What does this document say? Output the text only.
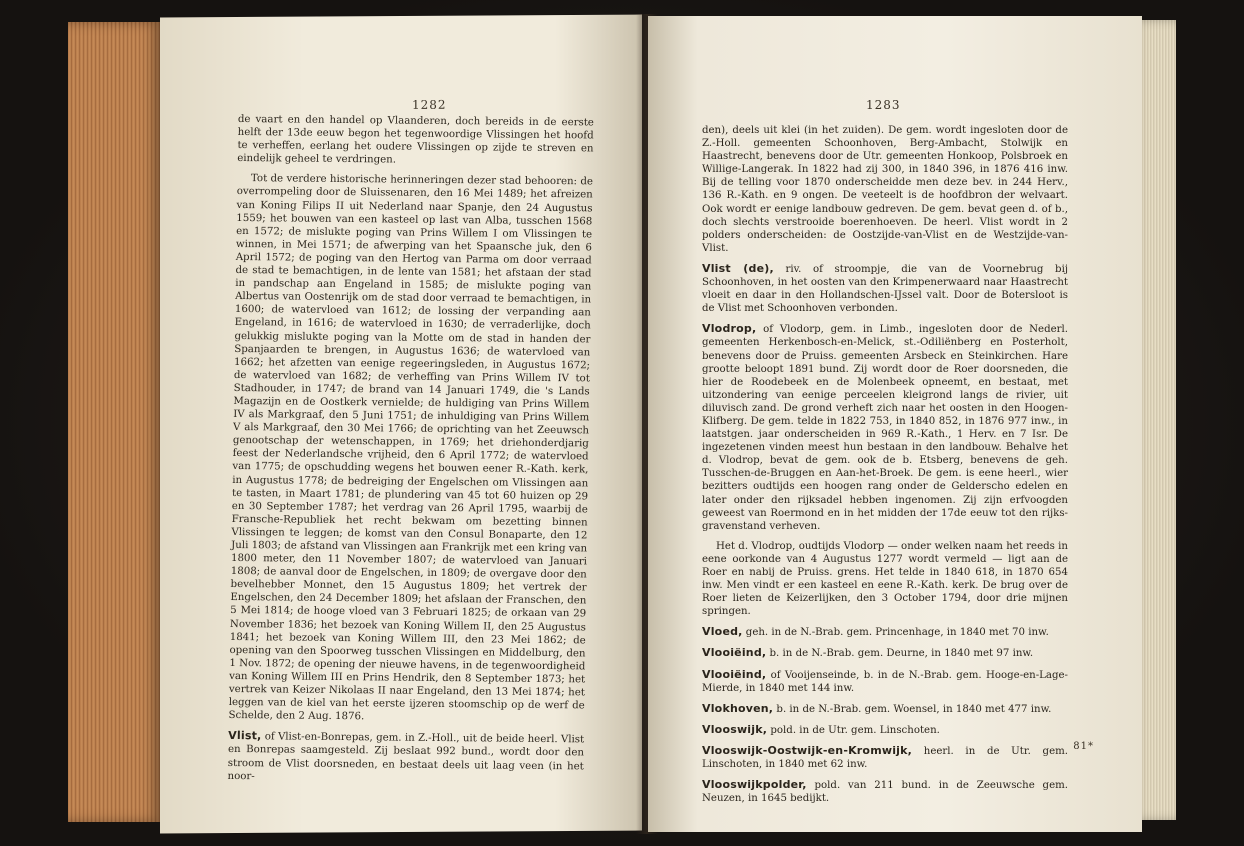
1282

de vaart en den handel op Vlaanderen, doch bereids in de eerste helft der 13de eeuw begon het tegenwoordige Vlissingen het hoofd te verheffen, eerlang het oudere Vlissingen op zijde te streven en eindelijk geheel te verdringen.

Tot de verdere historische herinneringen dezer stad behooren: de overrompeling door de Sluissenaren, den 16 Mei 1489; het afreizen van Koning Filips II uit Nederland naar Spanje, den 24 Augustus 1559; het bouwen van een kasteel op last van Alba, tusschen 1568 en 1572; de mislukte poging van Prins Willem I om Vlissingen te winnen, in Mei 1571; de afwerping van het Spaansche juk, den 6 April 1572; de poging van den Hertog van Parma om door verraad de stad te bemachtigen, in de lente van 1581; het afstaan der stad in pandschap aan Engeland in 1585; de mislukte poging van Albertus van Oostenrijk om de stad door verraad te bemachtigen, in 1600; de watervloed van 1612; de lossing der verpanding aan Engeland, in 1616; de watervloed in 1630; de verraderlijke, doch gelukkig mislukte poging van la Motte om de stad in handen der Spanjaarden te brengen, in Augustus 1636; de watervloed van 1662; het afzetten van eenige regeeringsleden, in Augustus 1672; de watervloed van 1682; de verheffing van Prins Willem IV tot Stadhouder, in 1747; de brand van 14 Januari 1749, die 's Lands Magazijn en de Oostkerk vernielde; de huldiging van Prins Willem IV als Markgraaf, den 5 Juni 1751; de inhuldiging van Prins Willem V als Markgraaf, den 30 Mei 1766; de oprichting van het Zeeuwsch genootschap der wetenschappen, in 1769; het driehonderdjarig feest der Nederlandsche vrijheid, den 6 April 1772; de watervloed van 1775; de opschudding wegens het bouwen eener R.-Kath. kerk, in Augustus 1778; de bedreiging der Engelschen om Vlissingen aan te tasten, in Maart 1781; de plundering van 45 tot 60 huizen op 29 en 30 September 1787; het verdrag van 26 April 1795, waarbij de Fransche-Republiek het recht bekwam om bezetting binnen Vlissingen te leggen; de komst van den Consul Bonaparte, den 12 Juli 1803; de afstand van Vlissingen aan Frankrijk met een kring van 1800 meter, den 11 November 1807; de watervloed van Januari 1808; de aanval door de Engelschen, in 1809; de overgave door den bevelhebber Monnet, den 15 Augustus 1809; het vertrek der Engelschen, den 24 December 1809; het afslaan der Franschen, den 5 Mei 1814; de hooge vloed van 3 Februari 1825; de orkaan van 29 November 1836; het bezoek van Koning Willem II, den 25 Augustus 1841; het bezoek van Koning Willem III, den 23 Mei 1862; de opening van den Spoorweg tusschen Vlissingen en Middelburg, den 1 Nov. 1872; de opening der nieuwe havens, in de tegenwoordigheid van Koning Willem III en Prins Hendrik, den 8 September 1873; het vertrek van Keizer Nikolaas II naar Engeland, den 13 Mei 1874; het leggen van de kiel van het eerste ijzeren stoomschip op de werf de Schelde, den 2 Aug. 1876.

Vlist, of Vlist-en-Bonrepas, gem. in Z.-Holl., uit de beide heerl. Vlist en Bonrepas saamgesteld. Zij beslaat 992 bund., wordt door den stroom de Vlist doorsneden, en bestaat deels uit laag veen (in het noor-

1283

den), deels uit klei (in het zuiden). De gem. wordt ingesloten door de Z.-Holl. gemeenten Schoonhoven, Berg-Ambacht, Stolwijk en Haastrecht, benevens door de Utr. gemeenten Honkoop, Polsbroek en Willige-Langerak. In 1822 had zij 300, in 1840 396, in 1876 416 inw. Bij de telling voor 1870 onderscheidde men deze bev. in 244 Herv., 136 R.-Kath. en 9 ongen. De veeteelt is de hoofdbron der welvaart. Ook wordt er eenige landbouw gedreven. De gem. bevat geen d. of b., doch slechts verstrooide boerenhoeven. De heerl. Vlist wordt in 2 polders onderscheiden: de Oostzijde-van-Vlist en de Westzijde-van-Vlist.

Vlist (de), riv. of stroompje, die van de Voornebrug bij Schoonhoven, in het oosten van den Krimpenerwaard naar Haastrecht vloeit en daar in den Hollandschen-IJssel valt. Door de Botersloot is de Vlist met Schoonhoven verbonden.

Vlodrop, of Vlodorp, gem. in Limb., ingesloten door de Nederl. gemeenten Herkenbosch-en-Melick, st.-Odiliënberg en Posterholt, benevens door de Pruiss. gemeenten Arsbeck en Steinkirchen. Hare grootte beloopt 1891 bund. Zij wordt door de Roer doorsneden, die hier de Roodebeek en de Molenbeek opneemt, en bestaat, met uitzondering van eenige perceelen kleigrond langs de rivier, uit diluvisch zand. De grond verheft zich naar het oosten in den Hoogen-Klifberg. De gem. telde in 1822 753, in 1840 852, in 1876 977 inw., in laatstgen. jaar onderscheiden in 969 R.-Kath., 1 Herv. en 7 Isr. De ingezetenen vinden meest hun bestaan in den landbouw. Behalve het d. Vlodrop, bevat de gem. ook de b. Etsberg, benevens de geh. Tusschen-de-Bruggen en Aan-het-Broek. De gem. is eene heerl., wier bezitters oudtijds een hoogen rang onder de Gelderscho edelen en later onder den rijksadel hebben ingenomen. Zij zijn erfvoogden geweest van Roermond en in het midden der 17de eeuw tot den rijks-gravenstand verheven.

Het d. Vlodrop, oudtijds Vlodorp — onder welken naam het reeds in eene oorkonde van 4 Augustus 1277 wordt vermeld — ligt aan de Roer en nabij de Pruiss. grens. Het telde in 1840 618, in 1870 654 inw. Men vindt er een kasteel en eene R.-Kath. kerk. De brug over de Roer lieten de Keizerlijken, den 3 October 1794, door drie mijnen springen.

Vloed, geh. in de N.-Brab. gem. Princenhage, in 1840 met 70 inw.

Vlooiëind, b. in de N.-Brab. gem. Deurne, in 1840 met 97 inw.

Vlooiëind, of Vooijenseinde, b. in de N.-Brab. gem. Hooge-en-Lage-Mierde, in 1840 met 144 inw.

Vlokhoven, b. in de N.-Brab. gem. Woensel, in 1840 met 477 inw.

Vlooswijk, pold. in de Utr. gem. Linschoten.

Vlooswijk-Oostwijk-en-Kromwijk, heerl. in de Utr. gem. Linschoten, in 1840 met 62 inw.

Vlooswijkpolder, pold. van 211 bund. in de Zeeuwsche gem. Neuzen, in 1645 bedijkt.

81*
